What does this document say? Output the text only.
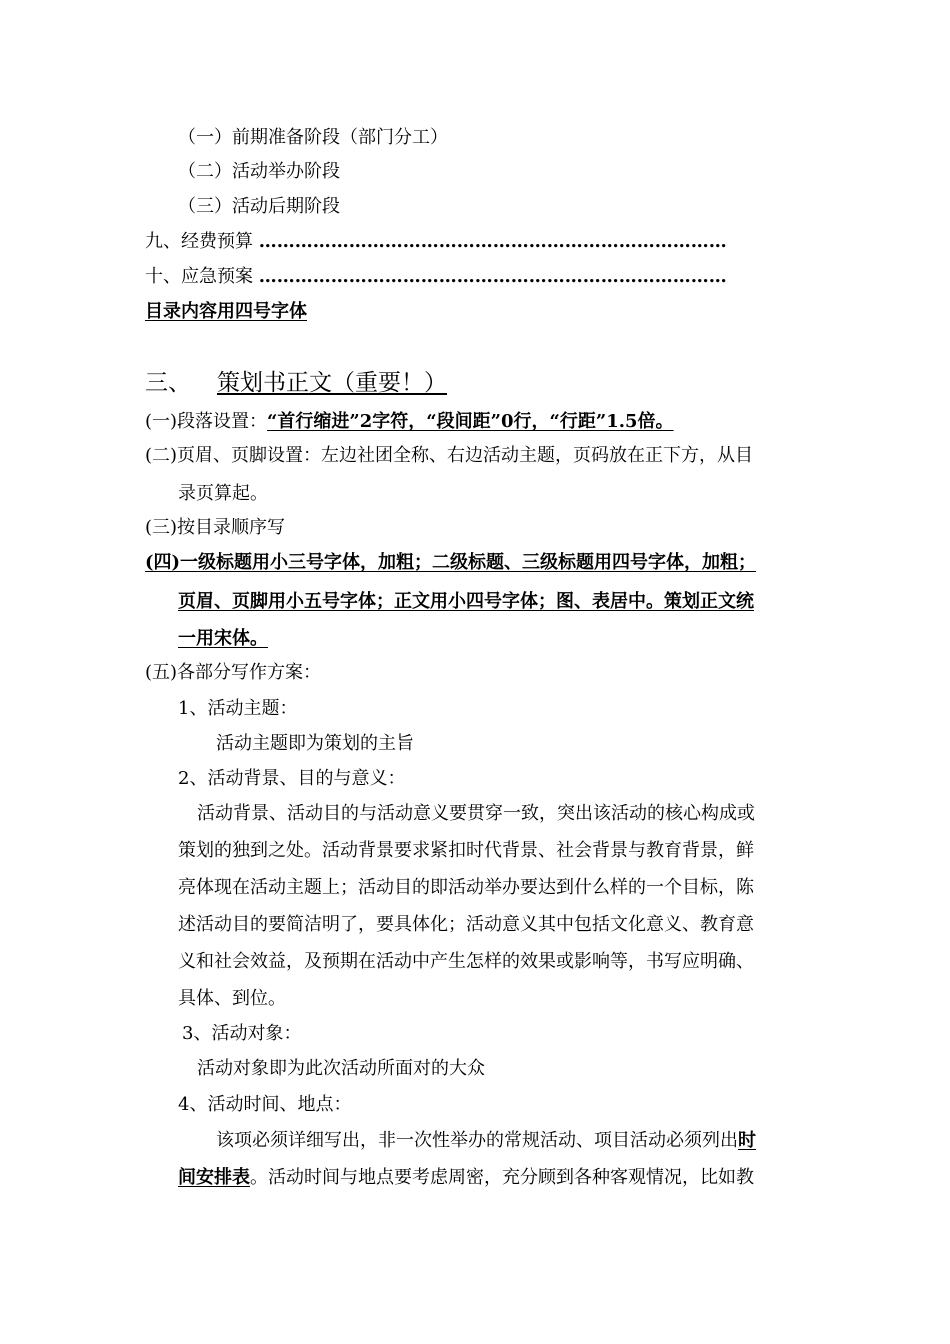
（一）前期准备阶段（部门分工）
（二）活动举办阶段
（三）活动后期阶段
九、经费预算 ……………………………………………………………………
十、应急预案 ……………………………………………………………………
目录内容用四号字体
三、 策划书正文（重要！）
(一)段落设置：“首行缩进”2字符，“段间距”0行，“行距”1.5倍。
(二)页眉、页脚设置：左边社团全称、右边活动主题，页码放在正下方，从目
录页算起。
(三)按目录顺序写
(四)一级标题用小三号字体，加粗；二级标题、三级标题用四号字体，加粗；
页眉、页脚用小五号字体；正文用小四号字体；图、表居中。策划正文统
一用宋体。
(五)各部分写作方案：
1、活动主题：
活动主题即为策划的主旨
2、活动背景、目的与意义：
活动背景、活动目的与活动意义要贯穿一致，突出该活动的核心构成或
策划的独到之处。活动背景要求紧扣时代背景、社会背景与教育背景，鲜
亮体现在活动主题上；活动目的即活动举办要达到什么样的一个目标，陈
述活动目的要简洁明了，要具体化；活动意义其中包括文化意义、教育意
义和社会效益，及预期在活动中产生怎样的效果或影响等，书写应明确、
具体、到位。
3、活动对象：
活动对象即为此次活动所面对的大众
4、活动时间、地点：
该项必须详细写出，非一次性举办的常规活动、项目活动必须列出时
间安排表。活动时间与地点要考虑周密，充分顾到各种客观情况，比如教
